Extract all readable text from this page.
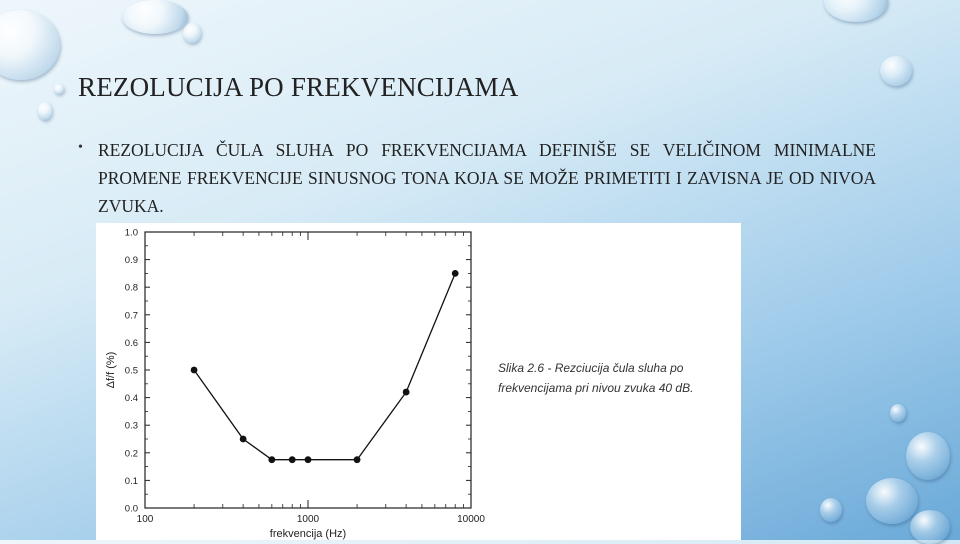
REZOLUCIJA PO FREKVENCIJAMA
• REZOLUCIJA ČULA SLUHA PO FREKVENCIJAMA DEFINIŠE SE VELIČINOM MINIMALNE PROMENE FREKVENCIJE SINUSNOG TONA KOJA SE MOŽE PRIMETITI I ZAVISNA JE OD NIVOA ZVUKA.
0.0
0.1
0.2
0.3
0.4
0.5
0.6
0.7
0.8
0.9
1.0
100	1000	10000
frekvencija (Hz)
Δf/f (%)	Slika 2.6 - Rezciucija čula sluha po
frekvencijama pri nivou zvuka 40 dB.
